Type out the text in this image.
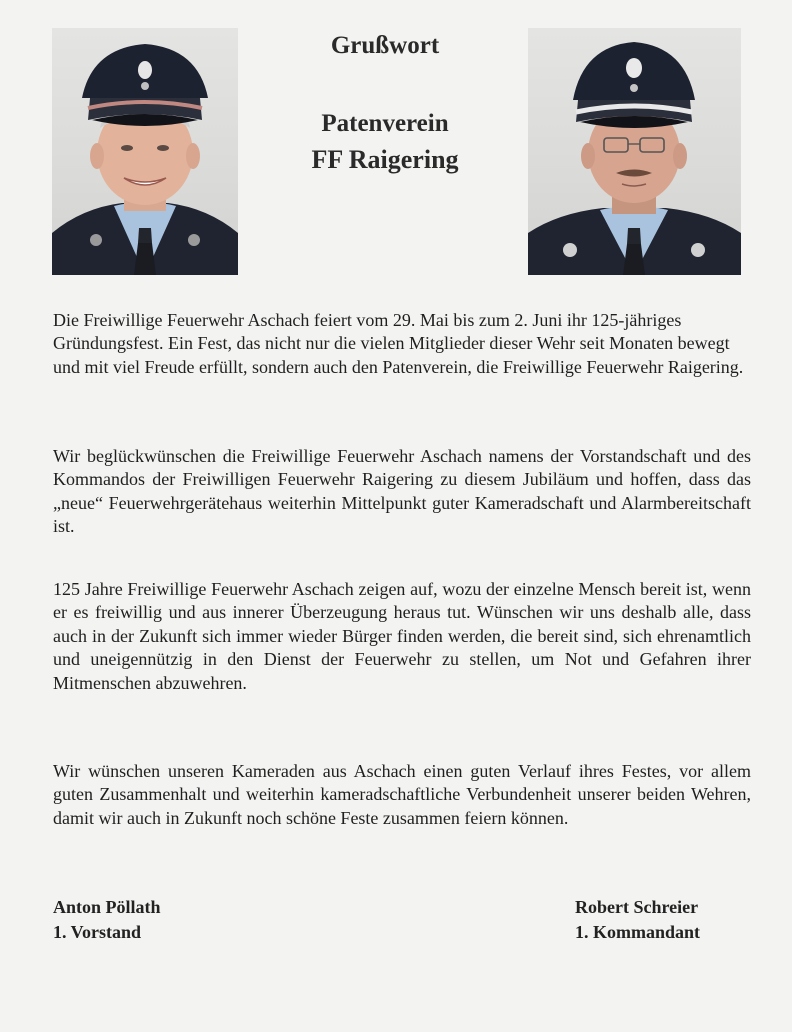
Grußwort
Patenverein
FF Raigering

Die Freiwillige Feuerwehr Aschach feiert vom 29. Mai bis zum 2. Juni ihr 125-jähriges Gründungsfest. Ein Fest, das nicht nur die vielen Mitglieder dieser Wehr seit Monaten bewegt und mit viel Freude erfüllt, sondern auch den Patenverein, die Freiwillige Feuerwehr Raigering.

Wir beglückwünschen die Freiwillige Feuerwehr Aschach namens der Vorstandschaft und des Kommandos der Freiwilligen Feuerwehr Raigering zu diesem Jubiläum und hoffen, dass das „neue“ Feuerwehrgerätehaus weiterhin Mittelpunkt guter Kameradschaft und Alarmbereitschaft ist.

125 Jahre Freiwillige Feuerwehr Aschach zeigen auf, wozu der einzelne Mensch bereit ist, wenn er es freiwillig und aus innerer Überzeugung heraus tut. Wünschen wir uns deshalb alle, dass auch in der Zukunft sich immer wieder Bürger finden werden, die bereit sind, sich ehrenamtlich und uneigennützig in den Dienst der Feuerwehr zu stellen, um Not und Gefahren ihrer Mitmenschen abzuwehren.

Wir wünschen unseren Kameraden aus Aschach einen guten Verlauf ihres Festes, vor allem guten Zusammenhalt und weiterhin kameradschaftliche Verbundenheit unserer beiden Wehren, damit wir auch in Zukunft noch schöne Feste zusammen feiern können.

Anton Pöllath
1. Vorstand
Robert Schreier
1. Kommandant
